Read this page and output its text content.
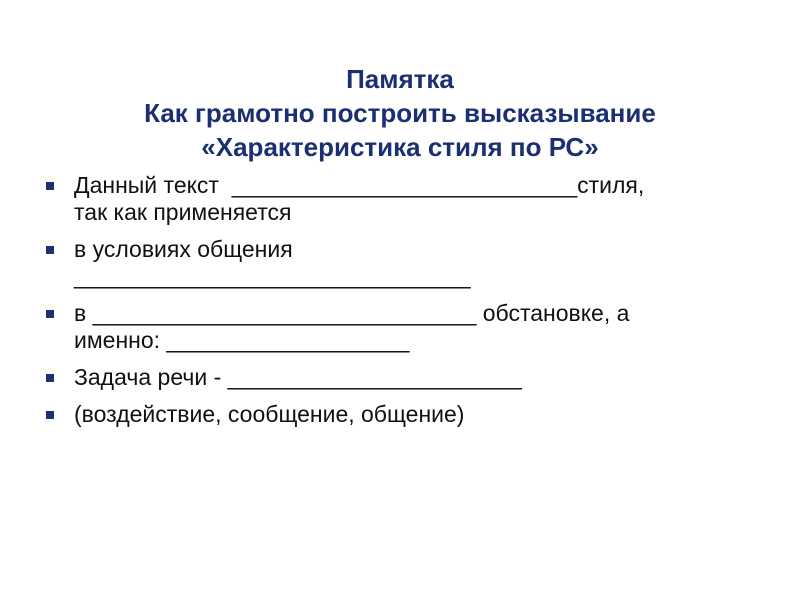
Памятка
Как грамотно построить высказывание
«Характеристика стиля по РС»
Данный текст  ___________________________стиля,
так как применяется
в условиях общения
_______________________________
в ______________________________ обстановке, а
именно: ___________________
Задача речи - _______________________
(воздействие, сообщение, общение)
